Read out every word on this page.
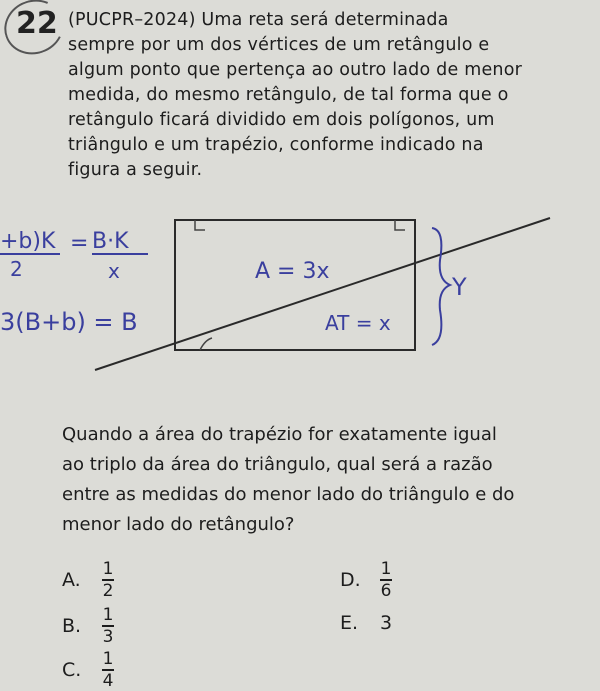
22 (PUCPR–2024) Uma reta será determinada
sempre por um dos vértices de um retângulo e
algum ponto que pertença ao outro lado de menor
medida, do mesmo retângulo, de tal forma que o
retângulo ficará dividido em dois polígonos, um
triângulo e um trapézio, conforme indicado na
figura a seguir.
A = 3x
AT = x
Y
+b)K
2
= B·K
x
3(B+b) = B
Quando a área do trapézio for exatamente igual
ao triplo da área do triângulo, qual será a razão
entre as medidas do menor lado do triângulo e do
menor lado do retângulo?
A.	$\frac{1}{2}$
B.	$\frac{1}{3}$
C.	$\frac{1}{4}$
D.	$\frac{1}{6}$
E.	3
